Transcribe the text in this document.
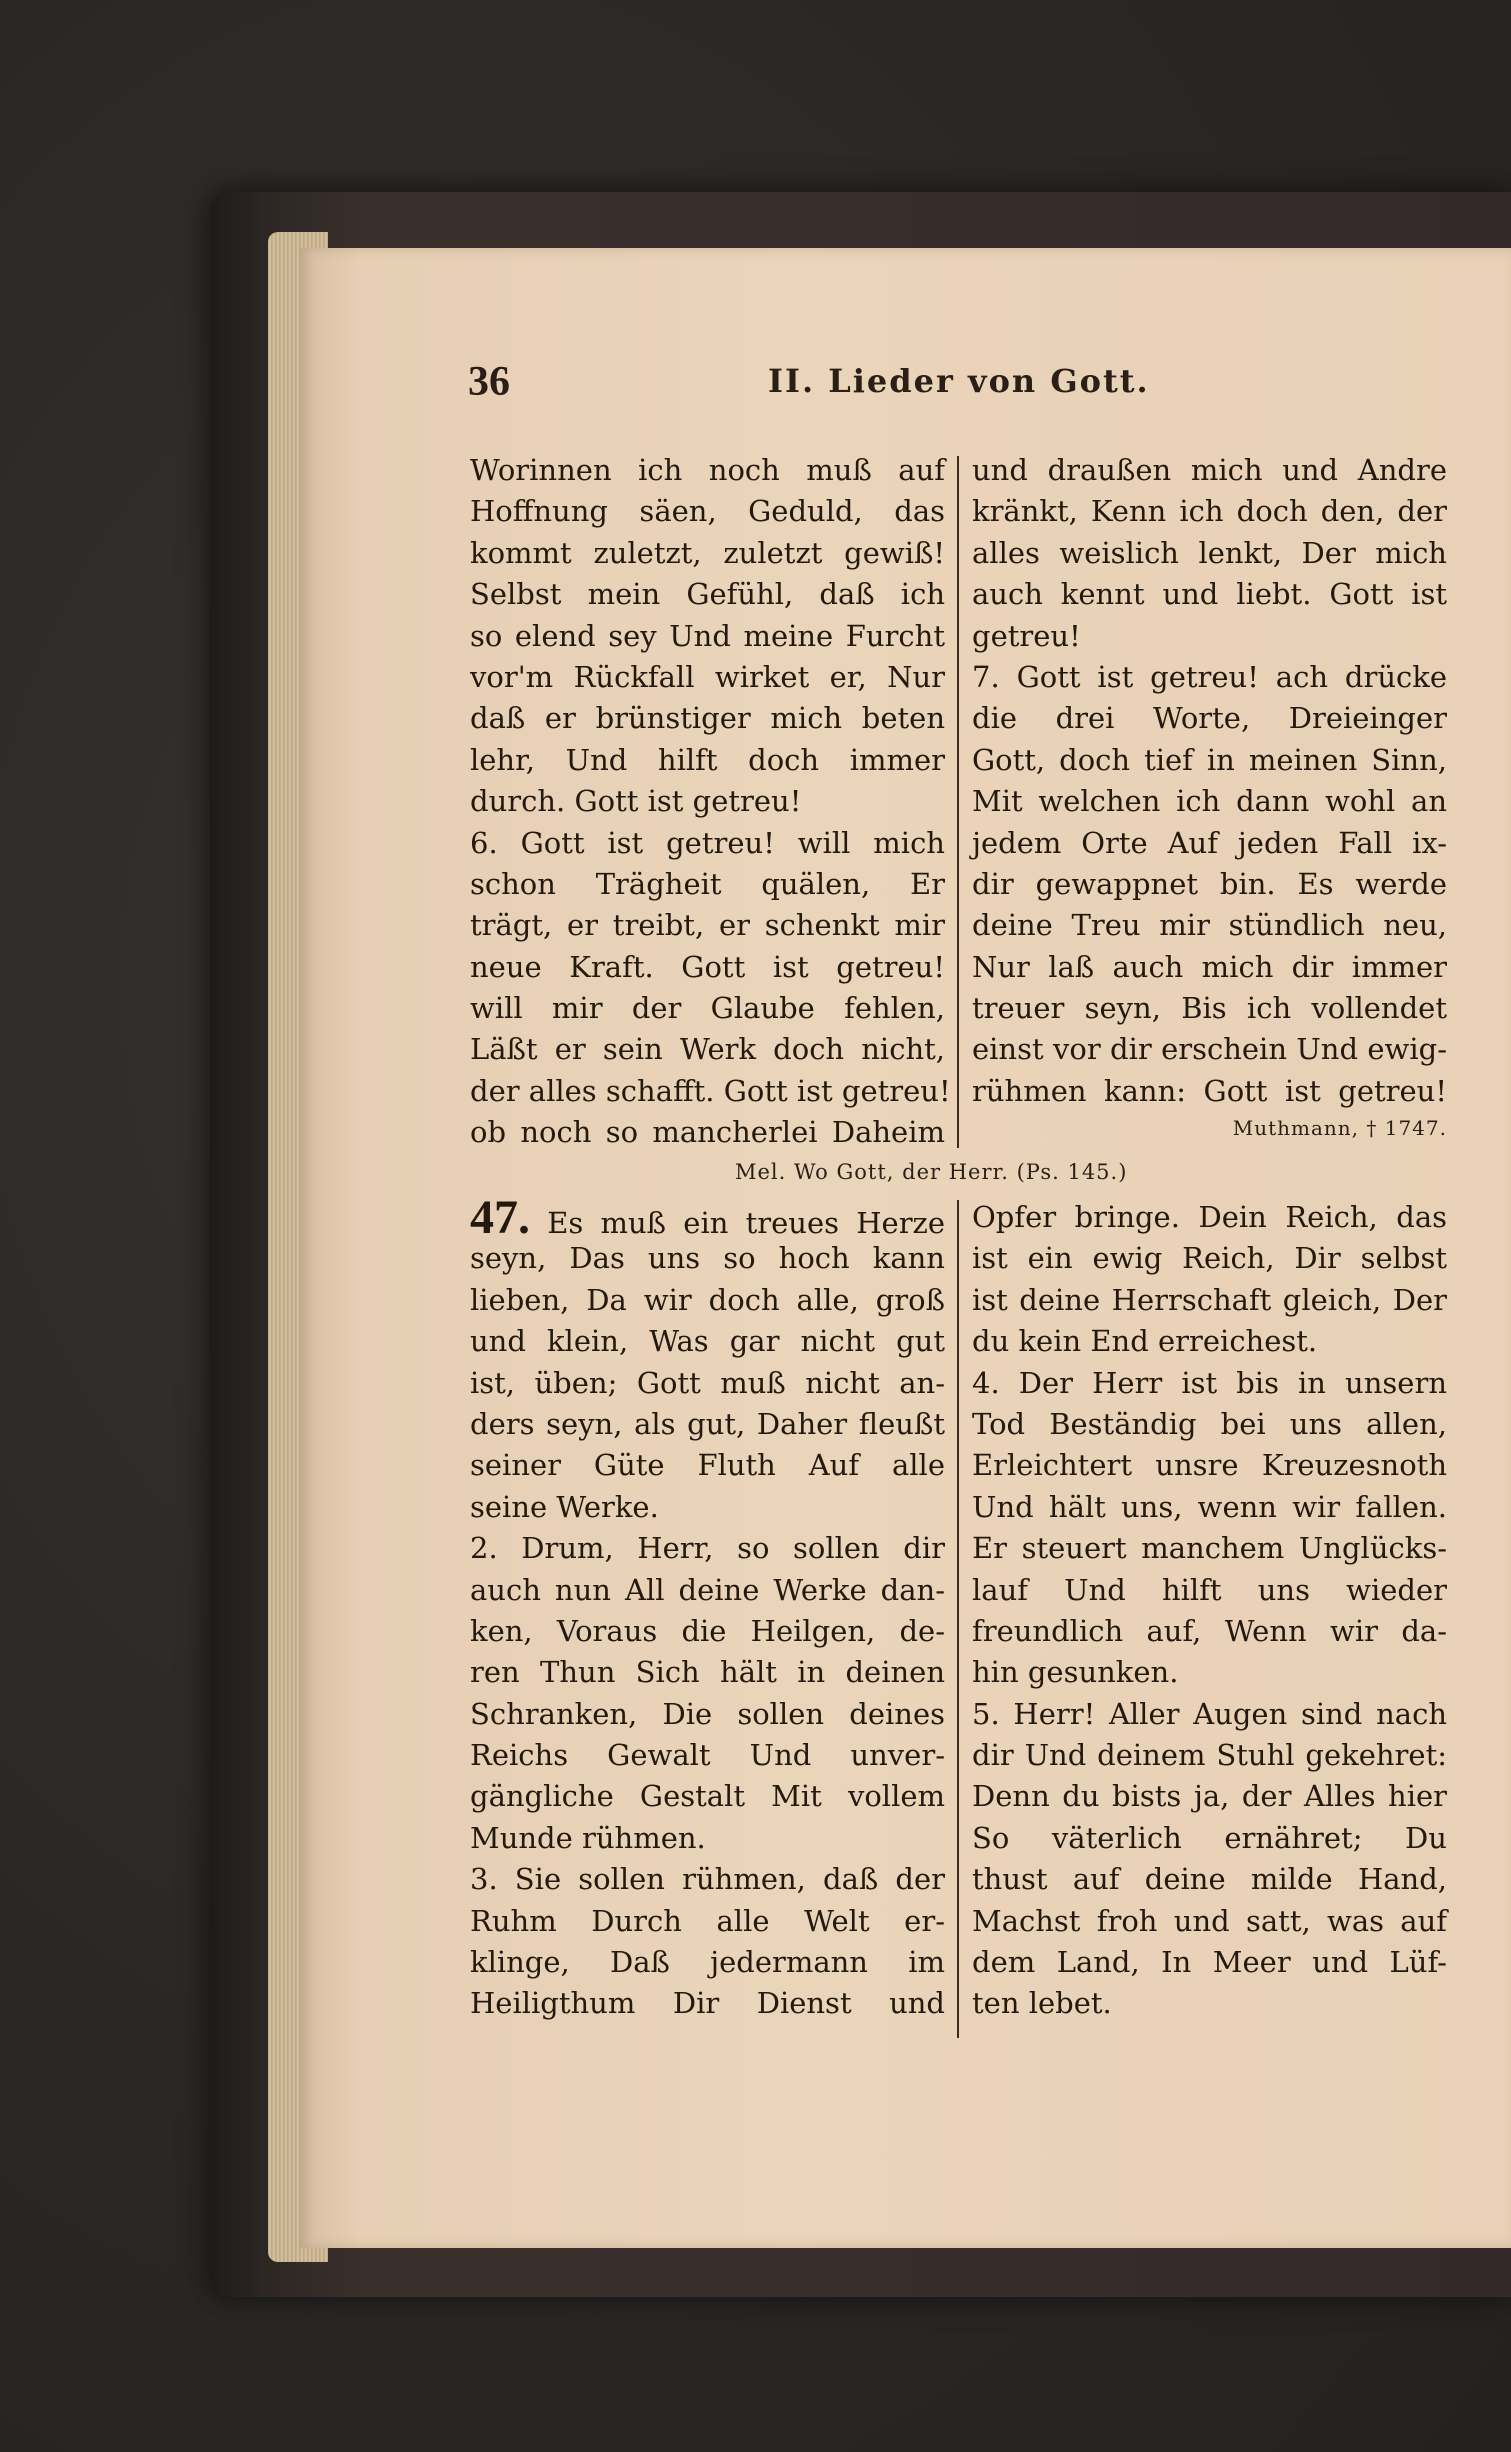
36	II. Lieder von Gott.
Worinnen ich noch muß auf
Hoffnung säen, Geduld, das
kommt zuletzt, zuletzt gewiß!
Selbst mein Gefühl, daß ich
so elend sey Und meine Furcht
vor'm Rückfall wirket er, Nur
daß er brünstiger mich beten
lehr, Und hilft doch immer
durch. Gott ist getreu!
6. Gott ist getreu! will mich
schon Trägheit quälen, Er
trägt, er treibt, er schenkt mir
neue Kraft. Gott ist getreu!
will mir der Glaube fehlen,
Läßt er sein Werk doch nicht,
der alles schafft. Gott ist getreu!
ob noch so mancherlei Daheim
und draußen mich und Andre
kränkt, Kenn ich doch den, der
alles weislich lenkt, Der mich
auch kennt und liebt. Gott ist
getreu!
7. Gott ist getreu! ach drücke
die drei Worte, Dreieinger
Gott, doch tief in meinen Sinn,
Mit welchen ich dann wohl an
jedem Orte Auf jeden Fall ix-
dir gewappnet bin. Es werde
deine Treu mir stündlich neu,
Nur laß auch mich dir immer
treuer seyn, Bis ich vollendet
einst vor dir erschein Und ewig-
rühmen kann: Gott ist getreu!
Muthmann, † 1747.
Mel. Wo Gott, der Herr. (Ps. 145.)
47. Es muß ein treues Herze
seyn, Das uns so hoch kann
lieben, Da wir doch alle, groß
und klein, Was gar nicht gut
ist, üben; Gott muß nicht an-
ders seyn, als gut, Daher fleußt
seiner Güte Fluth Auf alle
seine Werke.
2. Drum, Herr, so sollen dir
auch nun All deine Werke dan-
ken, Voraus die Heilgen, de-
ren Thun Sich hält in deinen
Schranken, Die sollen deines
Reichs Gewalt Und unver-
gängliche Gestalt Mit vollem
Munde rühmen.
3. Sie sollen rühmen, daß der
Ruhm Durch alle Welt er-
klinge, Daß jedermann im
Heiligthum Dir Dienst und
Opfer bringe. Dein Reich, das
ist ein ewig Reich, Dir selbst
ist deine Herrschaft gleich, Der
du kein End erreichest.
4. Der Herr ist bis in unsern
Tod Beständig bei uns allen,
Erleichtert unsre Kreuzesnoth
Und hält uns, wenn wir fallen.
Er steuert manchem Unglücks-
lauf Und hilft uns wieder
freundlich auf, Wenn wir da-
hin gesunken.
5. Herr! Aller Augen sind nach
dir Und deinem Stuhl gekehret:
Denn du bists ja, der Alles hier
So väterlich ernähret; Du
thust auf deine milde Hand,
Machst froh und satt, was auf
dem Land, In Meer und Lüf-
ten lebet.
